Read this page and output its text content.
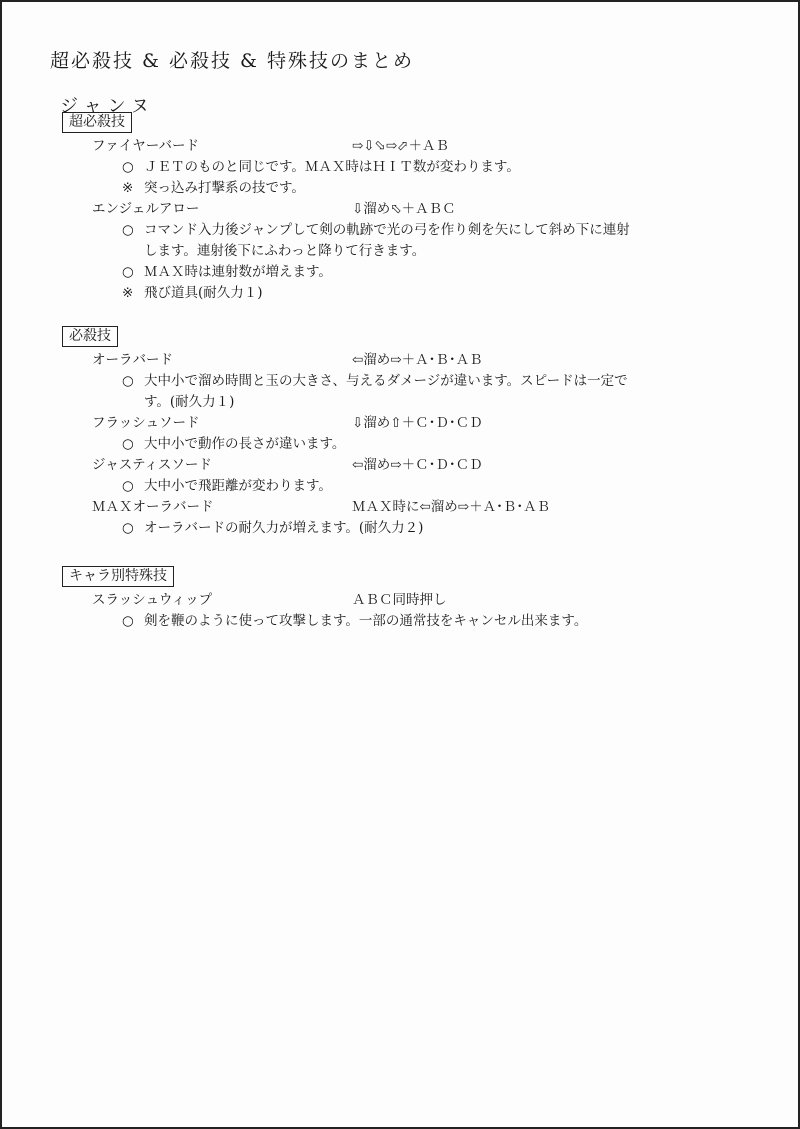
超必殺技 & 必殺技 & 特殊技のまとめ
ジャンヌ
超必殺技
ファイヤーバード	⇨⇩⬂⇨⬀＋ＡＢ
○ ＪＥＴのものと同じです。ＭＡＸ時はＨＩＴ数が変わります。
※ 突っ込み打撃系の技です。
エンジェルアロー	⇩溜め⬁＋ＡＢＣ
○ コマンド入力後ジャンプして剣の軌跡で光の弓を作り剣を矢にして斜め下に連射します。連射後下にふわっと降りて行きます。
○ ＭＡＸ時は連射数が増えます。
※ 飛び道具(耐久力１)
必殺技
オーラバード	⇦溜め⇨＋Ａ･Ｂ･ＡＢ
○ 大中小で溜め時間と玉の大きさ、与えるダメージが違います。スピードは一定です。(耐久力１)
フラッシュソード	⇩溜め⇧＋Ｃ･Ｄ･ＣＤ
○ 大中小で動作の長さが違います。
ジャスティスソード	⇦溜め⇨＋Ｃ･Ｄ･ＣＤ
○ 大中小で飛距離が変わります。
ＭＡＸオーラバード	ＭＡＸ時に⇦溜め⇨＋Ａ･Ｂ･ＡＢ
○ オーラバードの耐久力が増えます。(耐久力２)
キャラ別特殊技
スラッシュウィップ	ＡＢＣ同時押し
○ 剣を鞭のように使って攻撃します。一部の通常技をキャンセル出来ます。
